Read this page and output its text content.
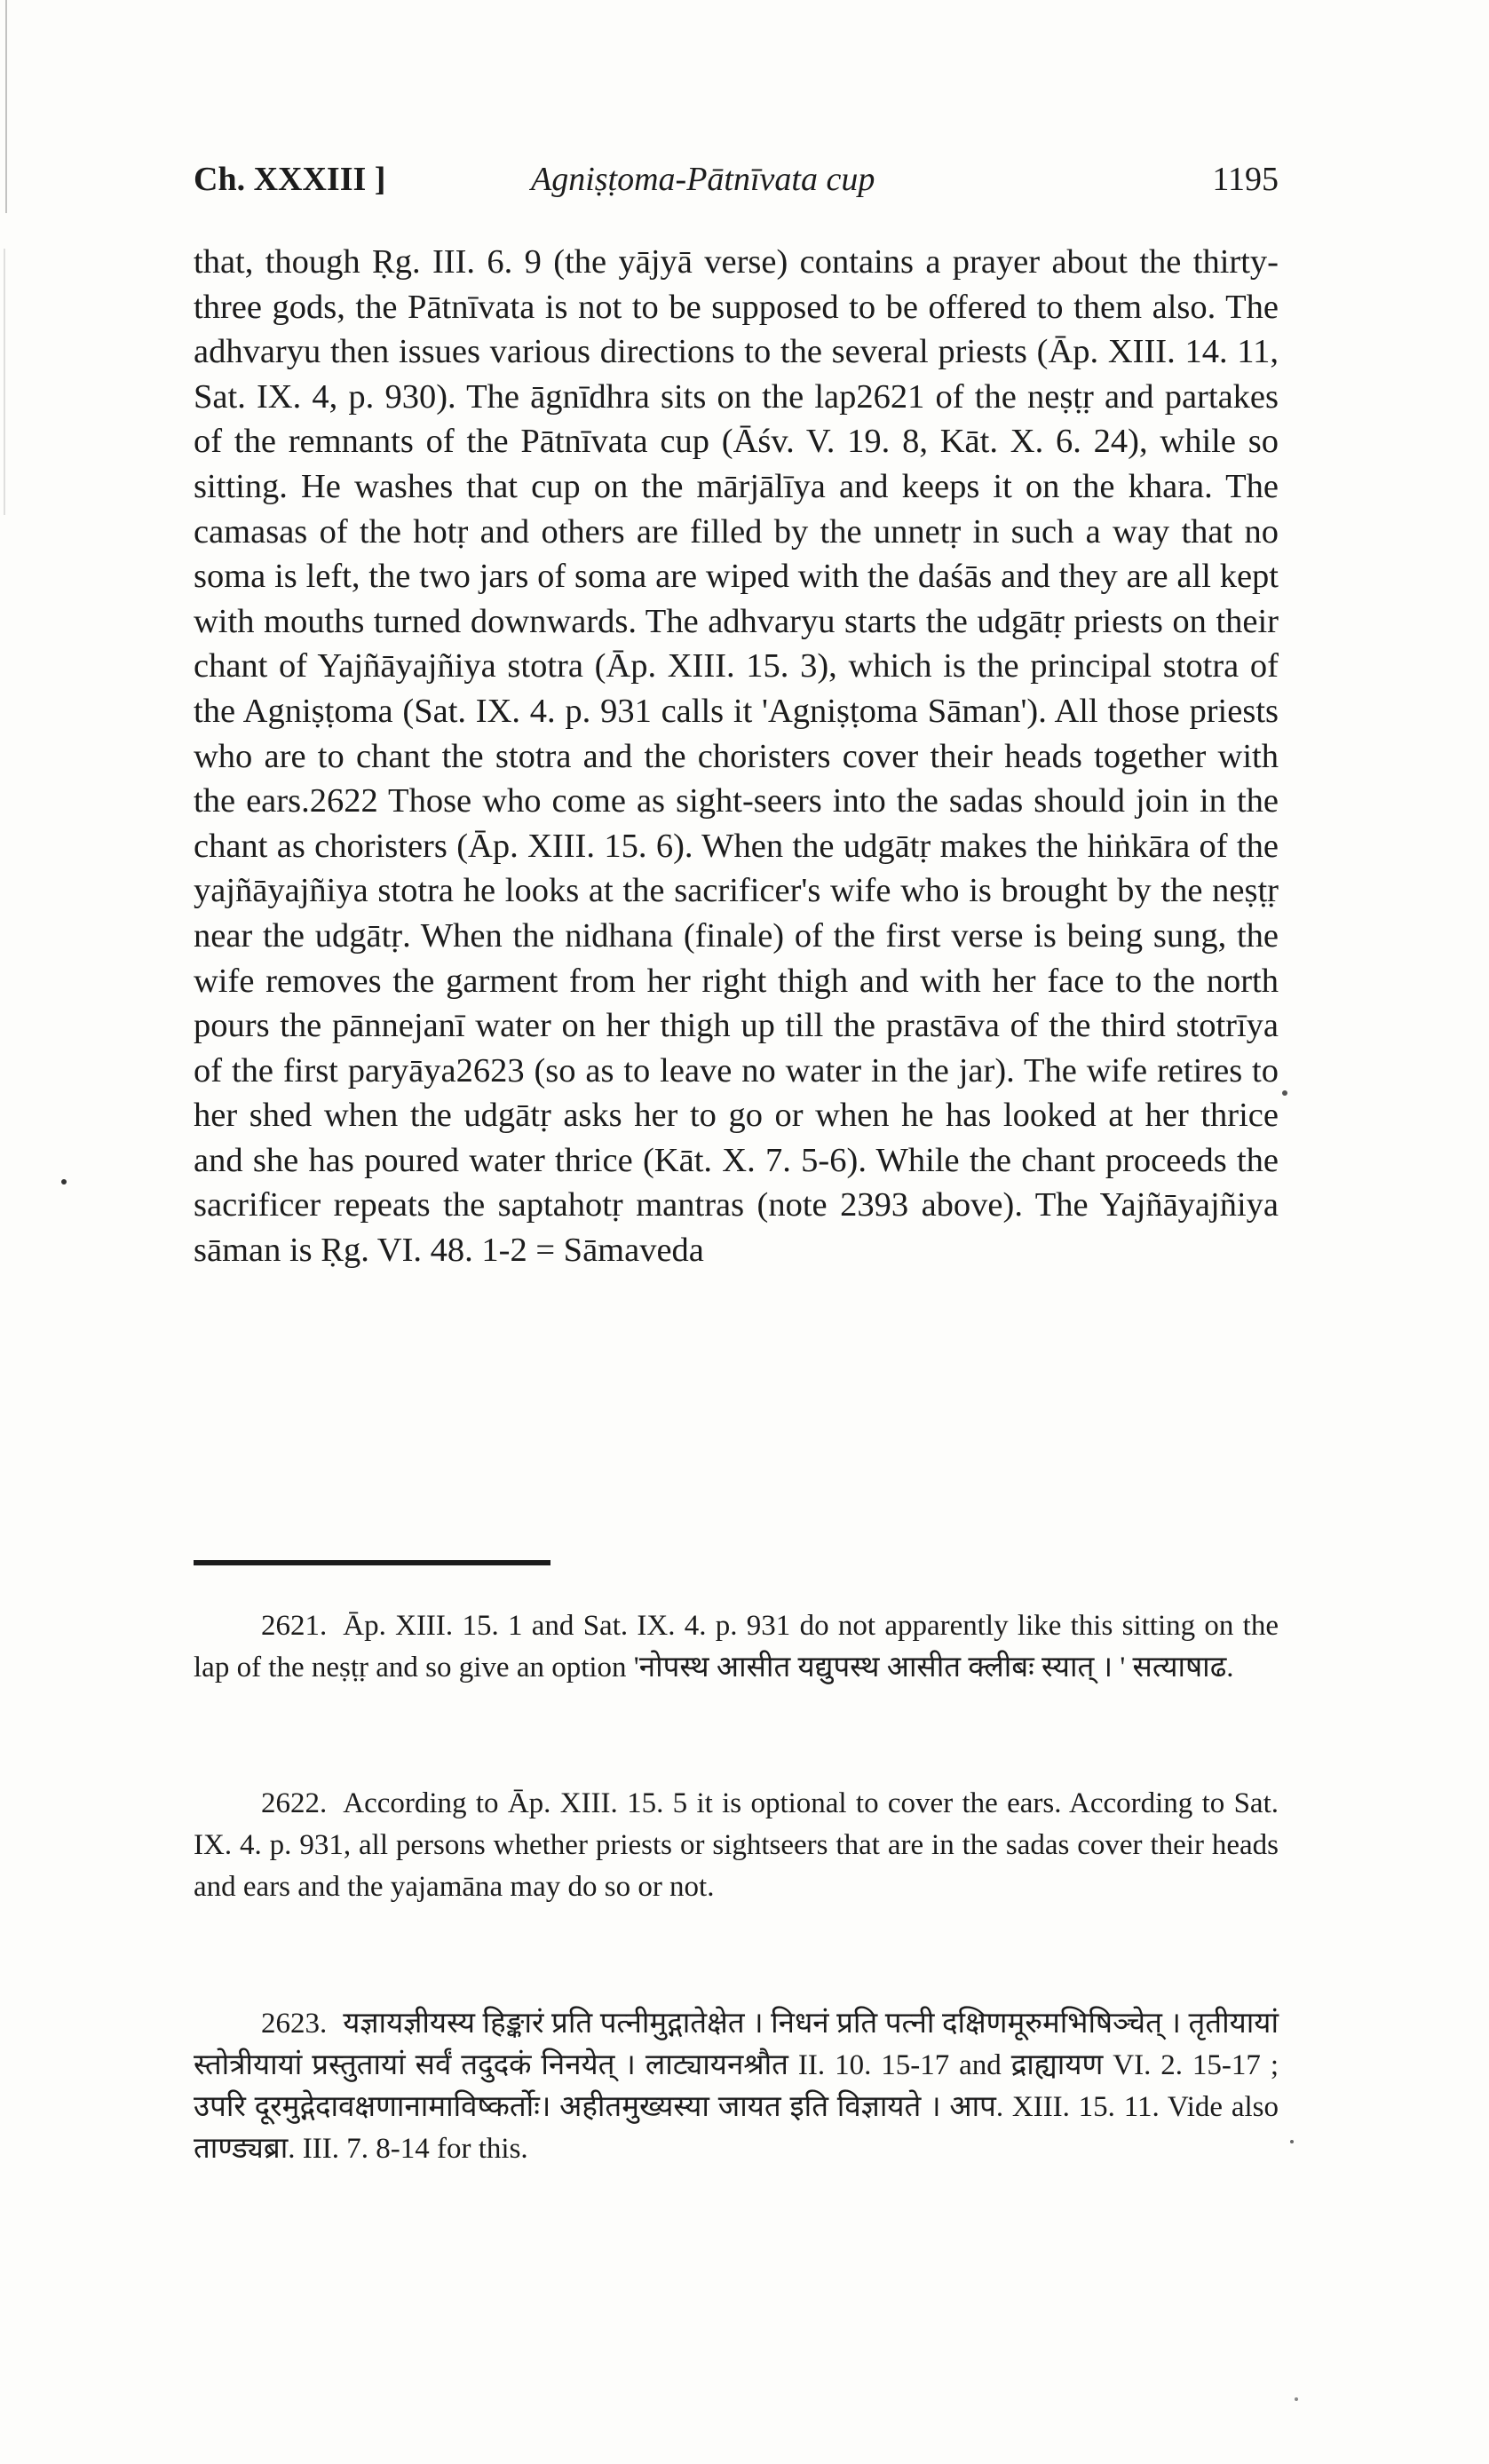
Ch. XXXIII ]	Agniṣṭoma-Pātnīvata cup	1195

that, though Ṛg. III. 6. 9 (the yājyā verse) contains a prayer about the thirty-three gods, the Pātnīvata is not to be supposed to be offered to them also. The adhvaryu then issues various directions to the several priests (Āp. XIII. 14. 11, Sat. IX. 4, p. 930). The āgnīdhra sits on the lap2621 of the neṣṭṛ and partakes of the remnants of the Pātnīvata cup (Āśv. V. 19. 8, Kāt. X. 6. 24), while so sitting. He washes that cup on the mārjālīya and keeps it on the khara. The camasas of the hotṛ and others are filled by the unnetṛ in such a way that no soma is left, the two jars of soma are wiped with the daśās and they are all kept with mouths turned downwards. The adhvaryu starts the udgātṛ priests on their chant of Yajñāyajñiya stotra (Āp. XIII. 15. 3), which is the principal stotra of the Agniṣṭoma (Sat. IX. 4. p. 931 calls it 'Agniṣṭoma Sāman'). All those priests who are to chant the stotra and the choristers cover their heads together with the ears.2622 Those who come as sight-seers into the sadas should join in the chant as choristers (Āp. XIII. 15. 6). When the udgātṛ makes the hiṅkāra of the yajñāyajñiya stotra he looks at the sacrificer's wife who is brought by the neṣṭṛ near the udgātṛ. When the nidhana (finale) of the first verse is being sung, the wife removes the garment from her right thigh and with her face to the north pours the pānnejanī water on her thigh up till the prastāva of the third stotrīya of the first paryāya2623 (so as to leave no water in the jar). The wife retires to her shed when the udgātṛ asks her to go or when he has looked at her thrice and she has poured water thrice (Kāt. X. 7. 5-6). While the chant proceeds the sacrificer repeats the saptahotṛ mantras (note 2393 above). The Yajñāyajñiya sāman is Ṛg. VI. 48. 1-2 = Sāmaveda

2621. Āp. XIII. 15. 1 and Sat. IX. 4. p. 931 do not apparently like this sitting on the lap of the neṣṭṛ and so give an option 'नोपस्थ आसीत यद्युपस्थ आसीत क्लीबः स्यात् । ' सत्याषाढ.

2622. According to Āp. XIII. 15. 5 it is optional to cover the ears. According to Sat. IX. 4. p. 931, all persons whether priests or sightseers that are in the sadas cover their heads and ears and the yajamāna may do so or not.

2623. यज्ञायज्ञीयस्य हिङ्कारं प्रति पत्नीमुद्गातेक्षेत । निधनं प्रति पत्नी दक्षिणमूरुमभिषिञ्चेत् । तृतीयायां स्तोत्रीयायां प्रस्तुतायां सर्वं तदुदकं निनयेत् । लाट्यायनश्रौत II. 10. 15-17 and द्राह्यायण VI. 2. 15-17 ; उपरि दूरमुद्गेदावक्षणानामाविष्कर्तोः। अहीतमुख्यस्या जायत इति विज्ञायते । आप. XIII. 15. 11. Vide also ताण्ड्यब्रा. III. 7. 8-14 for this.
